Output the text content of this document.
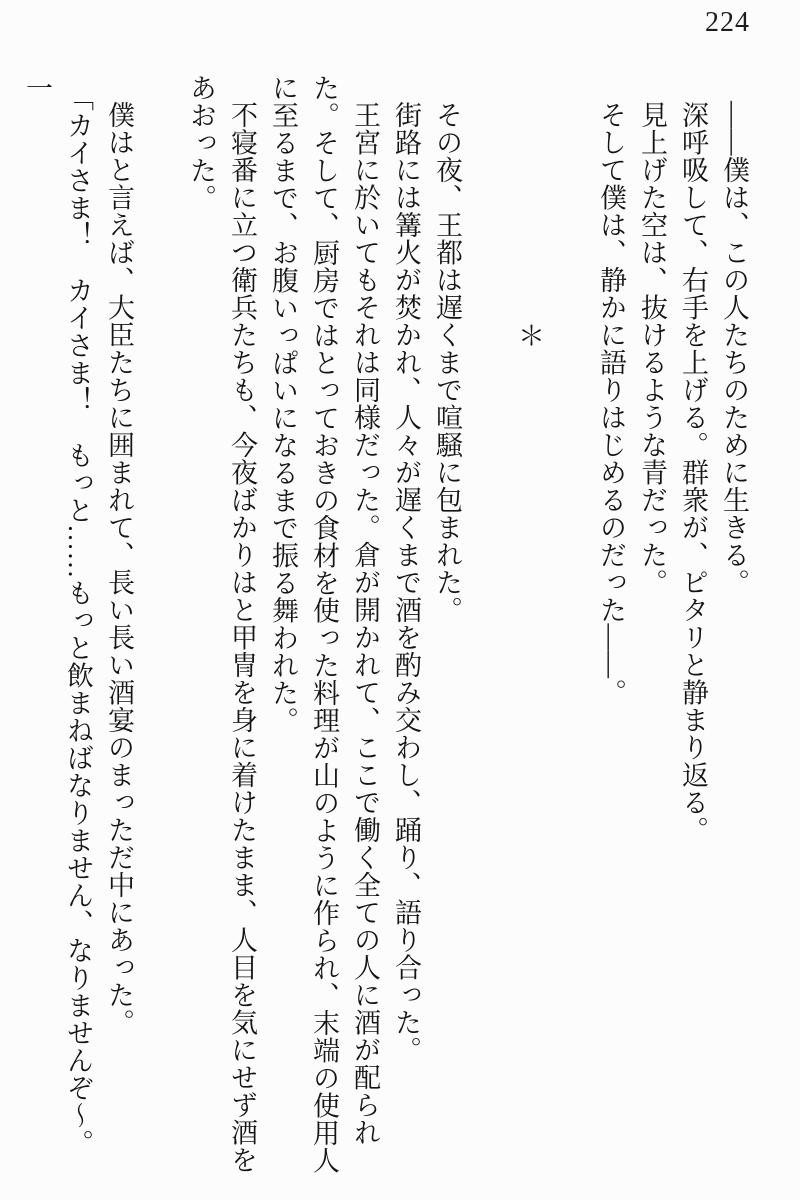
224

――僕は、この人たちのために生きる。

深呼吸して、右手を上げる。群衆が、ピタリと静まり返る。

見上げた空は、抜けるような青だった。

そして僕は、静かに語りはじめるのだった――。

＊

その夜、王都は遅くまで喧騒に包まれた。

街路には篝火が焚かれ、人々が遅くまで酒を酌み交わし、踊り、語り合った。

王宮に於いてもそれは同様だった。倉が開かれて、ここで働く全ての人に酒が配られた。そして、厨房ではとっておきの食材を使った料理が山のように作られ、末端の使用人に至るまで、お腹いっぱいになるまで振る舞われた。

不寝番に立つ衛兵たちも、今夜ばかりはと甲冑を身に着けたまま、人目を気にせず酒をあおった。

僕はと言えば、大臣たちに囲まれて、長い長い酒宴のまっただ中にあった。

「カイさま！　カイさま！　もっと……もっと飲まねばなりません、なりませんぞ～。一
